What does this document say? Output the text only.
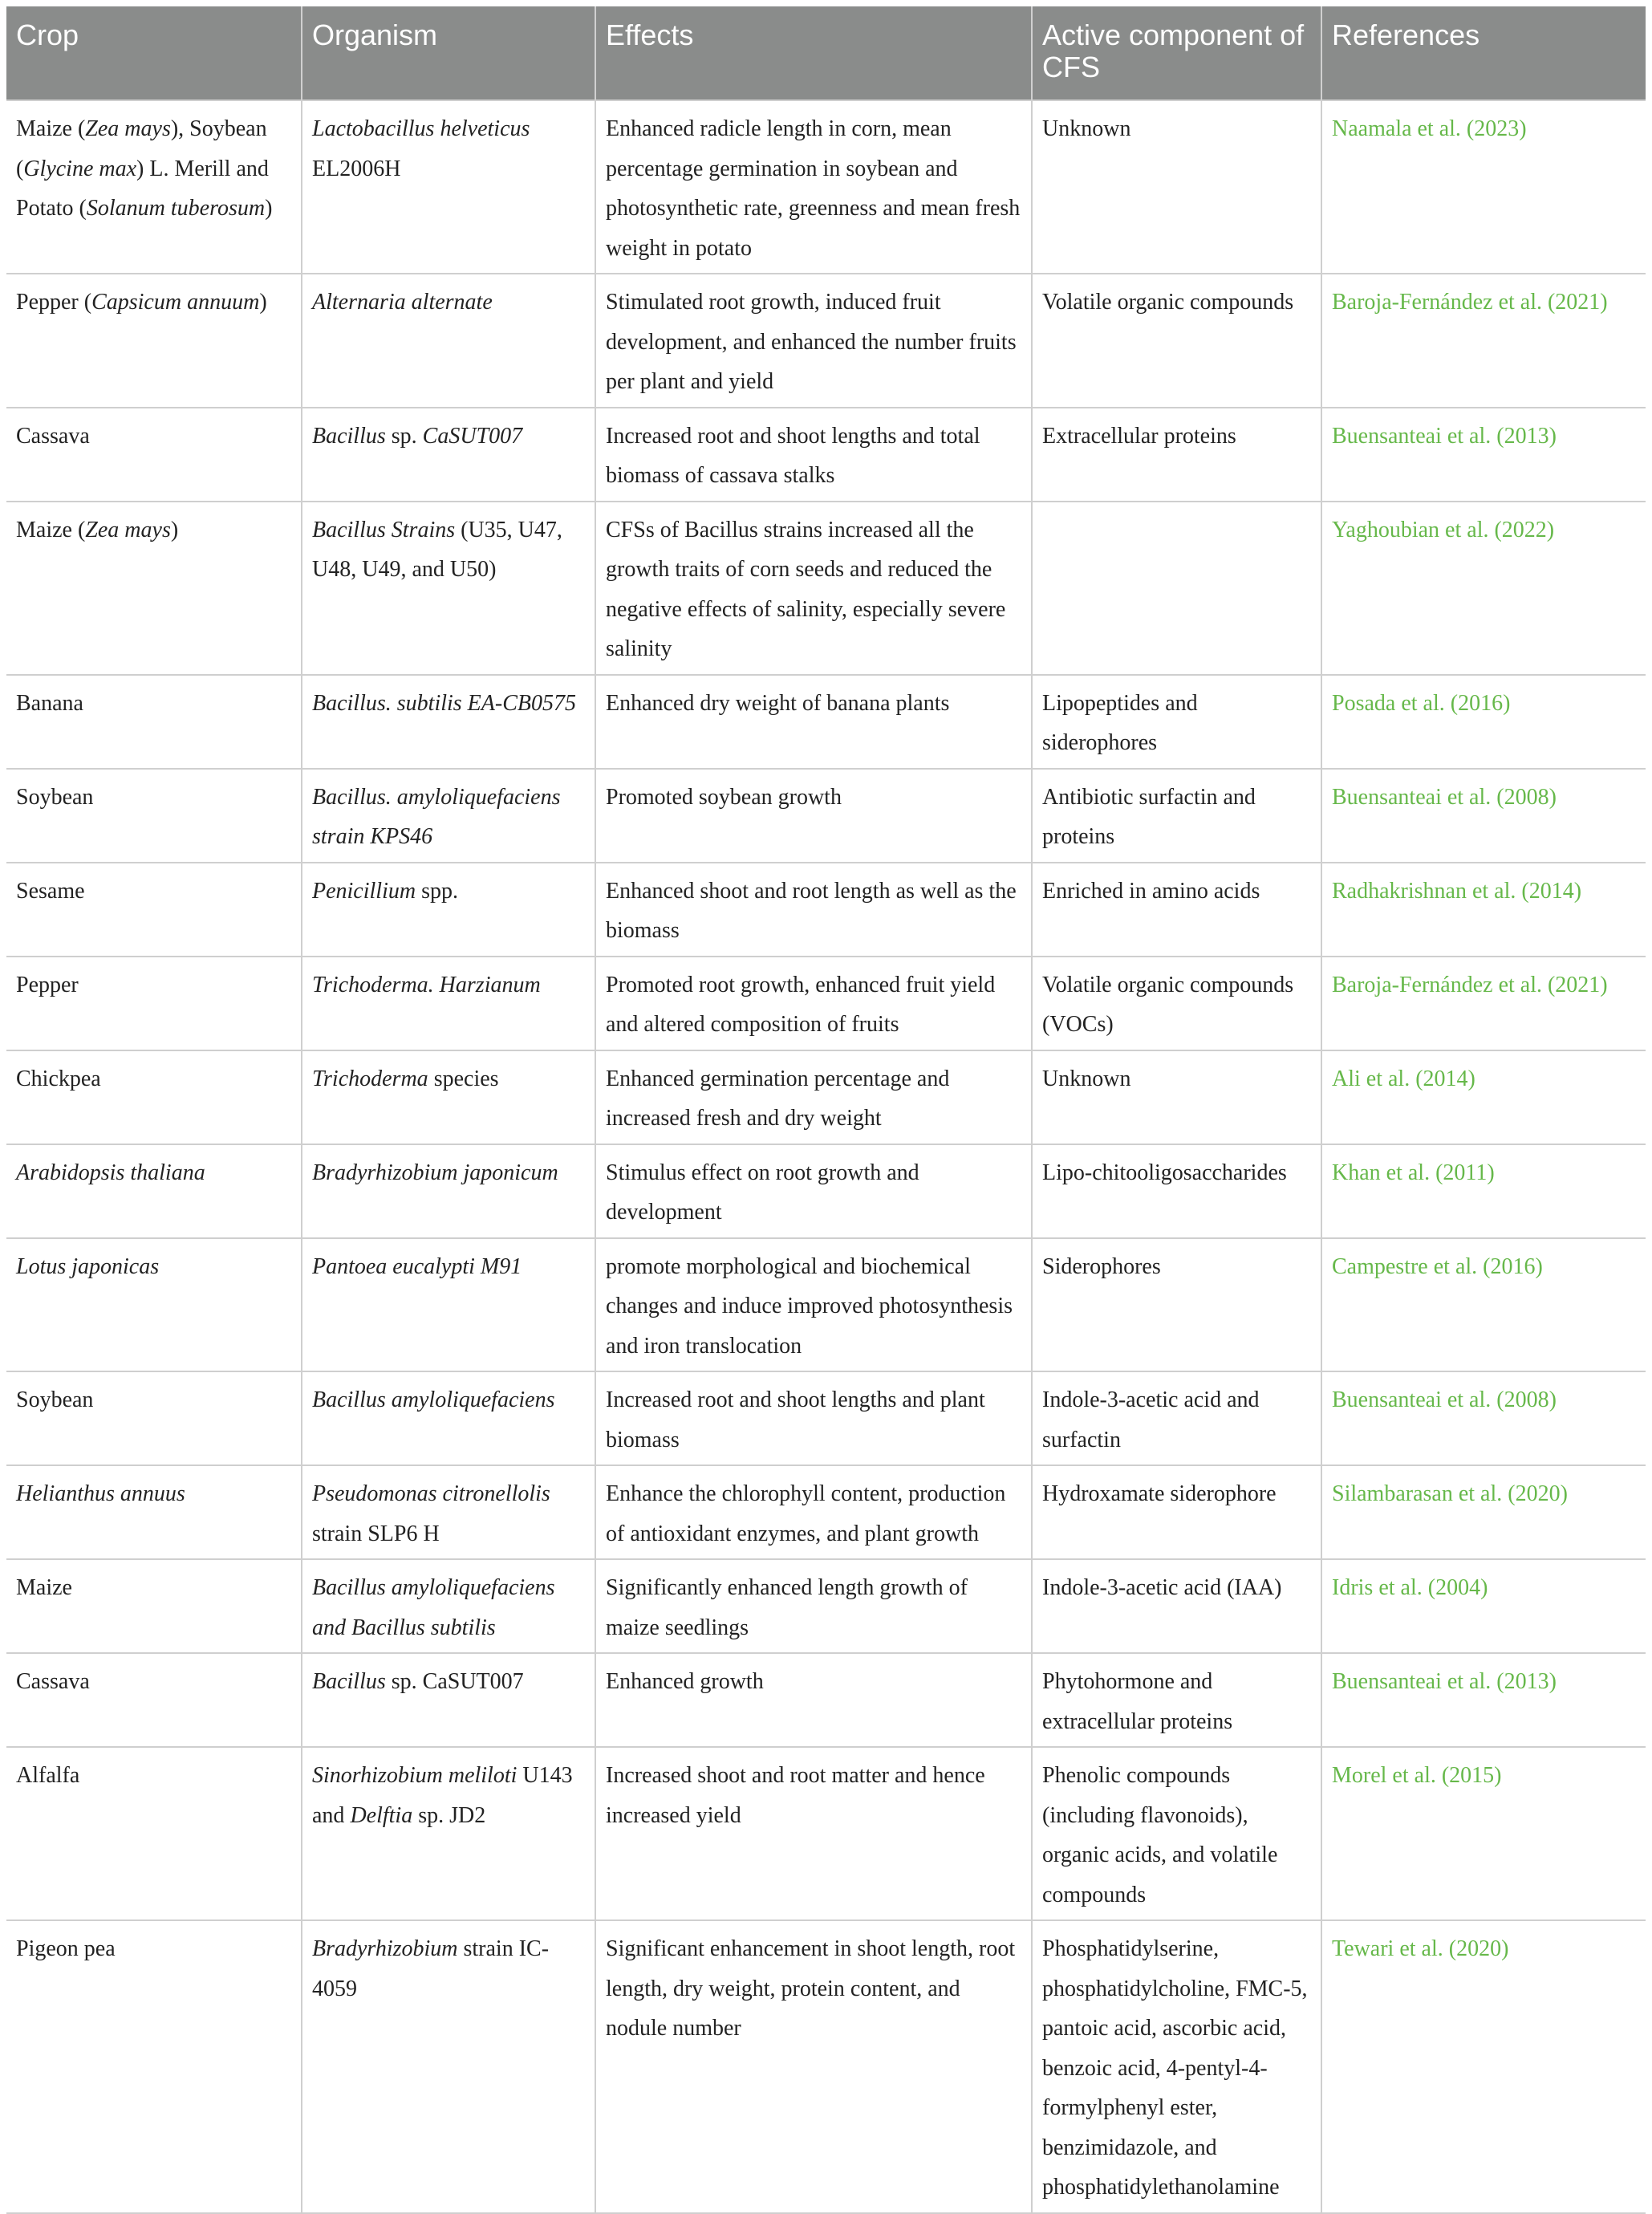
Crop	Organism	Effects	Active component of CFS	References
Maize (Zea mays), Soybean (Glycine max) L. Merill and Potato (Solanum tuberosum)	Lactobacillus helveticus EL2006H	Enhanced radicle length in corn, mean percentage germination in soybean and photosynthetic rate, greenness and mean fresh weight in potato	Unknown	Naamala et al. (2023)
Pepper (Capsicum annuum)	Alternaria alternate	Stimulated root growth, induced fruit development, and enhanced the number fruits per plant and yield	Volatile organic compounds	Baroja-Fernández et al. (2021)
Cassava	Bacillus sp. CaSUT007	Increased root and shoot lengths and total biomass of cassava stalks	Extracellular proteins	Buensanteai et al. (2013)
Maize (Zea mays)	Bacillus Strains (U35, U47, U48, U49, and U50)	CFSs of Bacillus strains increased all the growth traits of corn seeds and reduced the negative effects of salinity, especially severe salinity		Yaghoubian et al. (2022)
Banana	Bacillus. subtilis EA-CB0575	Enhanced dry weight of banana plants	Lipopeptides and siderophores	Posada et al. (2016)
Soybean	Bacillus. amyloliquefaciens strain KPS46	Promoted soybean growth	Antibiotic surfactin and proteins	Buensanteai et al. (2008)
Sesame	Penicillium spp.	Enhanced shoot and root length as well as the biomass	Enriched in amino acids	Radhakrishnan et al. (2014)
Pepper	Trichoderma. Harzianum	Promoted root growth, enhanced fruit yield and altered composition of fruits	Volatile organic compounds (VOCs)	Baroja-Fernández et al. (2021)
Chickpea	Trichoderma species	Enhanced germination percentage and increased fresh and dry weight	Unknown	Ali et al. (2014)
Arabidopsis thaliana	Bradyrhizobium japonicum	Stimulus effect on root growth and development	Lipo-chitooligosaccharides	Khan et al. (2011)
Lotus japonicas	Pantoea eucalypti M91	promote morphological and biochemical changes and induce improved photosynthesis and iron translocation	Siderophores	Campestre et al. (2016)
Soybean	Bacillus amyloliquefaciens	Increased root and shoot lengths and plant biomass	Indole-3-acetic acid and surfactin	Buensanteai et al. (2008)
Helianthus annuus	Pseudomonas citronellolis strain SLP6 H	Enhance the chlorophyll content, production of antioxidant enzymes, and plant growth	Hydroxamate siderophore	Silambarasan et al. (2020)
Maize	Bacillus amyloliquefaciens and Bacillus subtilis	Significantly enhanced length growth of maize seedlings	Indole-3-acetic acid (IAA)	Idris et al. (2004)
Cassava	Bacillus sp. CaSUT007	Enhanced growth	Phytohormone and extracellular proteins	Buensanteai et al. (2013)
Alfalfa	Sinorhizobium meliloti U143 and Delftia sp. JD2	Increased shoot and root matter and hence increased yield	Phenolic compounds (including flavonoids), organic acids, and volatile compounds	Morel et al. (2015)
Pigeon pea	Bradyrhizobium strain IC-4059	Significant enhancement in shoot length, root length, dry weight, protein content, and nodule number	Phosphatidylserine, phosphatidylcholine, FMC-5, pantoic acid, ascorbic acid, benzoic acid, 4-pentyl-4-formylphenyl ester, benzimidazole, and phosphatidylethanolamine	Tewari et al. (2020)
